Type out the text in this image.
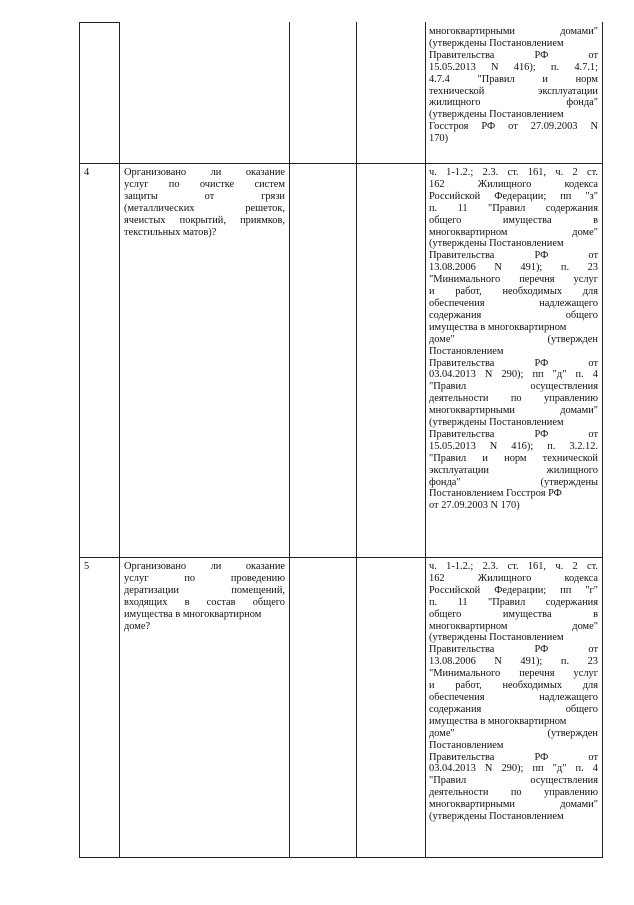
многоквартирными домами"
(утверждены Постановлением
Правительства РФ от
15.05.2013 N 416); п. 4.7.1;
4.7.4 "Правил и норм
технической эксплуатации
жилищного фонда"
(утверждены Постановлением
Госстроя РФ от 27.09.2003 N
170)
4	Организовано ли оказание
услуг по очистке систем
защиты от грязи
(металлических решеток,
ячеистых покрытий, приямков,
текстильных матов)?
ч. 1-1.2.; 2.3. ст. 161, ч. 2 ст.
162 Жилищного кодекса
Российской Федерации; пп "з"
п. 11 "Правил содержания
общего имущества в
многоквартирном доме"
(утверждены Постановлением
Правительства РФ от
13.08.2006 N 491); п. 23
"Минимального перечня услуг
и работ, необходимых для
обеспечения надлежащего
содержания общего
имущества в многоквартирном
доме" (утвержден
Постановлением
Правительства РФ от
03.04.2013 N 290); пп "д" п. 4
"Правил осуществления
деятельности по управлению
многоквартирными домами"
(утверждены Постановлением
Правительства РФ от
15.05.2013 N 416); п. 3.2.12.
"Правил и норм технической
эксплуатации жилищного
фонда" (утверждены
Постановлением Госстроя РФ
от 27.09.2003 N 170)
5	Организовано ли оказание
услуг по проведению
дератизации помещений,
входящих в состав общего
имущества в многоквартирном
доме?
ч. 1-1.2.; 2.3. ст. 161, ч. 2 ст.
162 Жилищного кодекса
Российской Федерации; пп "г"
п. 11 "Правил содержания
общего имущества в
многоквартирном доме"
(утверждены Постановлением
Правительства РФ от
13.08.2006 N 491); п. 23
"Минимального перечня услуг
и работ, необходимых для
обеспечения надлежащего
содержания общего
имущества в многоквартирном
доме" (утвержден
Постановлением
Правительства РФ от
03.04.2013 N 290); пп "д" п. 4
"Правил осуществления
деятельности по управлению
многоквартирными домами"
(утверждены Постановлением
